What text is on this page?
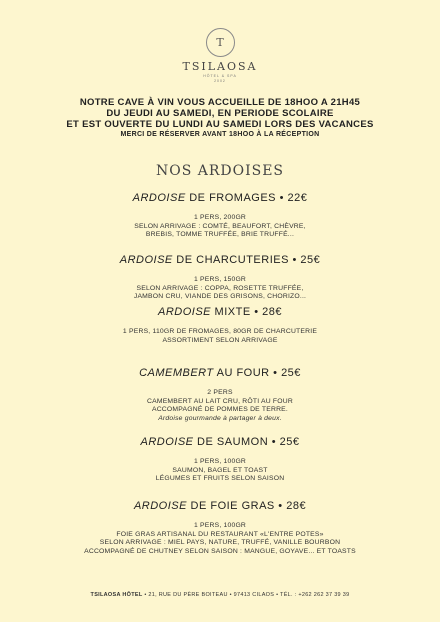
T
TSILAOSA
HÔTEL & SPA
2002
NOTRE CAVE À VIN VOUS ACCUEILLE DE 18HOO A 21H45
DU JEUDI AU SAMEDI, EN PERIODE SCOLAIRE
ET EST OUVERTE DU LUNDI AU SAMEDI LORS DES VACANCES
MERCI DE RÉSERVER AVANT 18HOO À LA RÉCEPTION
NOS ARDOISES
ARDOISE DE FROMAGES • 22€
1 PERS, 200GR
SELON ARRIVAGE : COMTÉ, BEAUFORT, CHÈVRE,
BREBIS, TOMME TRUFFÉE, BRIE TRUFFÉ...
ARDOISE DE CHARCUTERIES • 25€
1 PERS, 150GR
SELON ARRIVAGE : COPPA, ROSETTE TRUFFÉE,
JAMBON CRU, VIANDE DES GRISONS, CHORIZO...
ARDOISE MIXTE • 28€
1 PERS, 110GR DE FROMAGES, 80GR DE CHARCUTERIE
ASSORTIMENT SELON ARRIVAGE
CAMEMBERT AU FOUR • 25€
2 PERS
CAMEMBERT AU LAIT CRU, RÔTI AU FOUR
ACCOMPAGNÉ DE POMMES DE TERRE.
Ardoise gourmande à partager à deux.
ARDOISE DE SAUMON • 25€
1 PERS, 100GR
SAUMON, BAGEL ET TOAST
LÉGUMES ET FRUITS SELON SAISON
ARDOISE DE FOIE GRAS • 28€
1 PERS, 100GR
FOIE GRAS ARTISANAL DU RESTAURANT «L'ENTRE POTES»
SELON ARRIVAGE : MIEL PAYS, NATURE, TRUFFÉ, VANILLE BOURBON
ACCOMPAGNÉ DE CHUTNEY SELON SAISON : MANGUE, GOYAVE... ET TOASTS
TSILAOSA HÔTEL • 21, RUE DU PÈRE BOITEAU • 97413 CILAOS • TÉL. : +262 262 37 39 39
